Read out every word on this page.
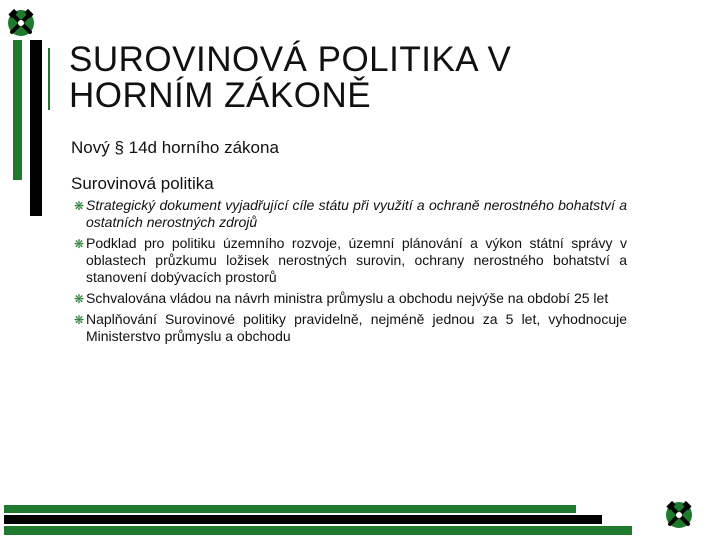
SUROVINOVÁ POLITIKA V
HORNÍM ZÁKONĚ

Nový § 14d horního zákona

Surovinová politika

❋ Strategický dokument vyjadřující cíle státu při využití a ochraně nerostného bohatství a ostatních nerostných zdrojů
❋ Podklad pro politiku územního rozvoje, územní plánování a výkon státní správy v oblastech průzkumu ložisek nerostných surovin, ochrany nerostného bohatství a stanovení dobývacích prostorů
❋ Schvalována vládou na návrh ministra průmyslu a obchodu nejvýše na období 25 let
❋ Naplňování Surovinové politiky pravidelně, nejméně jednou za 5 let, vyhodnocuje Ministerstvo průmyslu a obchodu
